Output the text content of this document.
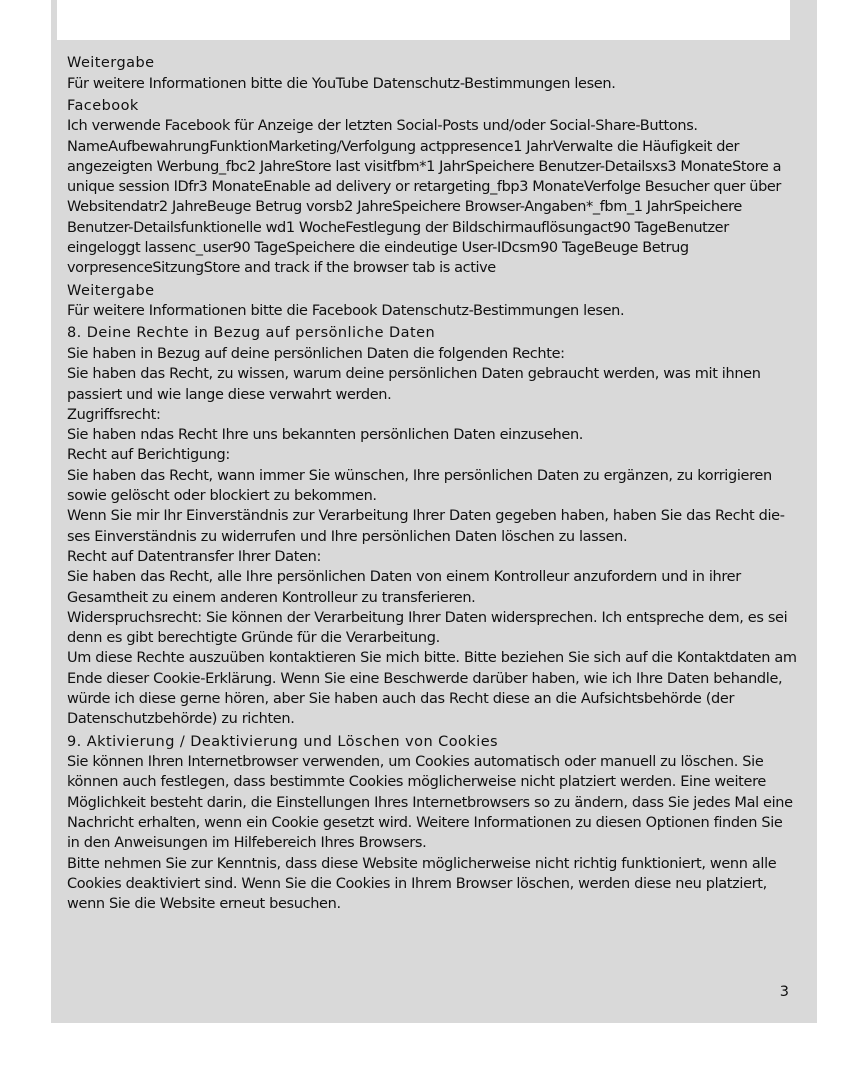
Weitergabe

Für weitere Informationen bitte die YouTube Datenschutz-Bestimmungen lesen.

Facebook

Ich verwende Facebook für Anzeige der letzten Social-Posts und/oder Social-Share-Buttons.

NameAufbewahrungFunktionMarketing/Verfolgung actppresence1 JahrVerwalte die Häufigkeit der angezeigten Werbung_fbc2 JahreStore last visitfbm*1 JahrSpeichere Benutzer-Detailsxs3 MonateStore a unique session IDfr3 MonateEnable ad delivery or retargeting_fbp3 MonateVerfolge Besucher quer über Websitendatr2 JahreBeuge Betrug vorsb2 JahreSpeichere Browser-Angaben*_fbm_1 JahrSpeichere Benutzer-Detailsfunktionelle wd1 WocheFestlegung der Bildschirmauflösungact90 TageBenutzer eingeloggt lassenc_user90 TageSpeichere die eindeutige User-IDcsm90 TageBeuge Betrug vorpresenceSitzungStore and track if the browser tab is active

Weitergabe

Für weitere Informationen bitte die Facebook Datenschutz-Bestimmungen lesen.

8. Deine Rechte in Bezug auf persönliche Daten

Sie haben in Bezug auf deine persönlichen Daten die folgenden Rechte:

Sie haben das Recht, zu wissen, warum deine persönlichen Daten gebraucht werden, was mit ihnen passiert und wie lange diese verwahrt werden.

Zugriffsrecht:

Sie haben ndas Recht Ihre uns bekannten persönlichen Daten einzusehen.

Recht auf Berichtigung:

Sie haben das Recht, wann immer Sie wünschen, Ihre persönlichen Daten zu ergänzen, zu korrigieren sowie gelöscht oder blockiert zu bekommen.

Wenn Sie mir Ihr Einverständnis zur Verarbeitung Ihrer Daten gegeben haben, haben Sie das Recht dieses Einverständnis zu widerrufen und Ihre persönlichen Daten löschen zu lassen.

Recht auf Datentransfer Ihrer Daten:

Sie haben das Recht, alle Ihre persönlichen Daten von einem Kontrolleur anzufordern und in ihrer Gesamtheit zu einem anderen Kontrolleur zu transferieren.

Widerspruchsrecht: Sie können der Verarbeitung Ihrer Daten widersprechen. Ich entspreche dem, es sei denn es gibt berechtigte Gründe für die Verarbeitung.

Um diese Rechte auszuüben kontaktieren Sie mich bitte. Bitte beziehen Sie sich auf die Kontaktdaten am Ende dieser Cookie-Erklärung. Wenn Sie eine Beschwerde darüber haben, wie ich Ihre Daten behandle, würde ich diese gerne hören, aber Sie haben auch das Recht diese an die Aufsichtsbehörde (der Datenschutzbehörde) zu richten.

9. Aktivierung / Deaktivierung und Löschen von Cookies

Sie können Ihren Internetbrowser verwenden, um Cookies automatisch oder manuell zu löschen. Sie können auch festlegen, dass bestimmte Cookies möglicherweise nicht platziert werden. Eine weitere Möglichkeit besteht darin, die Einstellungen Ihres Internetbrowsers so zu ändern, dass Sie jedes Mal eine Nachricht erhalten, wenn ein Cookie gesetzt wird. Weitere Informationen zu diesen Optionen finden Sie in den Anweisungen im Hilfebereich Ihres Browsers.

Bitte nehmen Sie zur Kenntnis, dass diese Website möglicherweise nicht richtig funktioniert, wenn alle Cookies deaktiviert sind. Wenn Sie die Cookies in Ihrem Browser löschen, werden diese neu platziert, wenn Sie die Website erneut besuchen.

3
